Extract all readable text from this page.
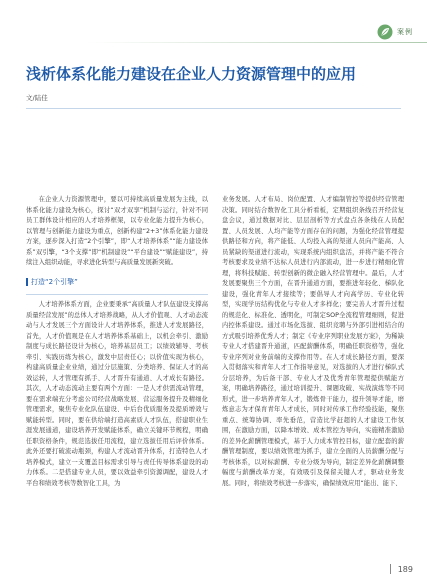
案例
浅析体系化能力建设在企业人力资源管理中的应用
文/陆佳

在企业人力资源管理中，要以可持续高质量发展为主线，以体系化能力建设为核心，探讨“双才双享”机制与运行，针对不同员工群体设计相应的人才培养框架，以专业化能力提升为核心，以管理与创新能力建设为重点，创新构建“2+3”体系化能力建设方案，逐步深入打造“2个引擎”，即“人才培养体系”“能力建设体系”双引擎，“3个支撑”即“机制建设”“平台建设”“赋能建设”，持续注入组织动能，寻求进化转型与高质量发展新突破。

打造“2个引擎”

人才培养体系方面，企业要秉承“高质量人才队伍建设支撑高质量经营发展”的总体人才培养战略，从人才价值观、人才动态流动与人才发展三个方面设计人才培养体系，推进人才发展路径，首先，人才价值观是在人才培养体系基础上，以机会牵引、激励制度与成长路径设计为核心，培养基层员工；以绩效辅导、考核牵引、实践历练为核心，激发中层责任心；以价值实现为核心，构建高质量企业业绩，通过分层施策、分类培养、保证人才的高效运转，人才管理有抓手、人才晋升有通道、人才成长有路径。其次，人才动态流动主要有两个方面：一是人才供需流动管理，要在需求端充分考虑公司经营战略发展、营运服务提升及精细化管理需求，聚焦专业化队伍建设、中后台优质服务及提质增效与赋能转型。同时，要在供给端打造高素质人才队伍，搭建职业生涯发展通道，建设培养开发赋能体系，确立关键环节规程，明确任职资格条件，规范选拔任用流程，建立选拔任用后评价体系。此外还要打破流动瓶颈，构建人才流动晋升体系，打造特色人才培养模式，建立一支覆盖目标需求引导与责任传导体系建设的动力体系。二是搭建专业人员，要以效益牵引资源调配，建设人才平台和绩效考核等数智化工具，为

业务发展。人才布局、岗位配置、人才编制管控等提供经营管理决策。同时结合数智化工具分析看板，定期组织条线召开经营复盘会议，通过数据对比、层层剖析等方式盘点各条线在人员配置、人员发展、人均产能等方面存在的问题，为强化经营管理提供路径和方向，将产能低、人均投入高的渠道人员向产能高、人员紧缺的渠道进行流动，实现系统内组织盘活，并将产能不符合考核要求及业绩不达标人员进行内部流动，进一步进行精细化管理，将科技赋能、转型创新的微企融入经营管理中。最后，人才发展要聚焦三个方面，在晋升通道方面，要推进年轻化、梯队化建设，强化青年人才接续等；要倡导人才向高学历、专业化转型，实现学历结构优化与专业人才多样化；要完善人才晋升过程的规范化、标准化、透明化，可制定SOP全流程管理细则，促进内控体系建设。通过市场化选拔、组织竞聘与外部引进相结合的方式吸引培养优秀人才；制定《专业序列职业发展方案》，为稀缺专业人才搭建晋升通道，匹配薪酬体系，明确任职资格等，强化专业序列对业务前端的支撑作用等。在人才成长路径方面，要深入贯彻落实和青年人才工作指导意见，对选拔的人才进行梯队式分层培养，为后备干部、专业人才及优秀青年管理提供赋能方案，明确培养路径，通过培训提升、课题攻破、实战演练等不同形式，进一步培养青年人才，锻炼骨干能力，提升领导才能，磨炼意志为才保育青年人才成长，同时对传承工作经验技能，聚焦重点、统筹协调、率先垂范，营造比学赶超的人才建设工作氛围，在激励方面，以降本增效、成本管控为导向，实施精准激励的差异化薪酬管理模式，基于人力成本管控目标，建立配套的薪酬管理制度，要以绩效管理为抓手，建立全面的人员薪酬分配与考核体系，以对标薪酬、专业分级为导向，制定差异化薪酬调整幅度与薪酬改革方案，有效吸引及保留关键人才，驱动业务发展。同时，将绩效考核进一步落实，确保绩效应用“能出、能下、

189
